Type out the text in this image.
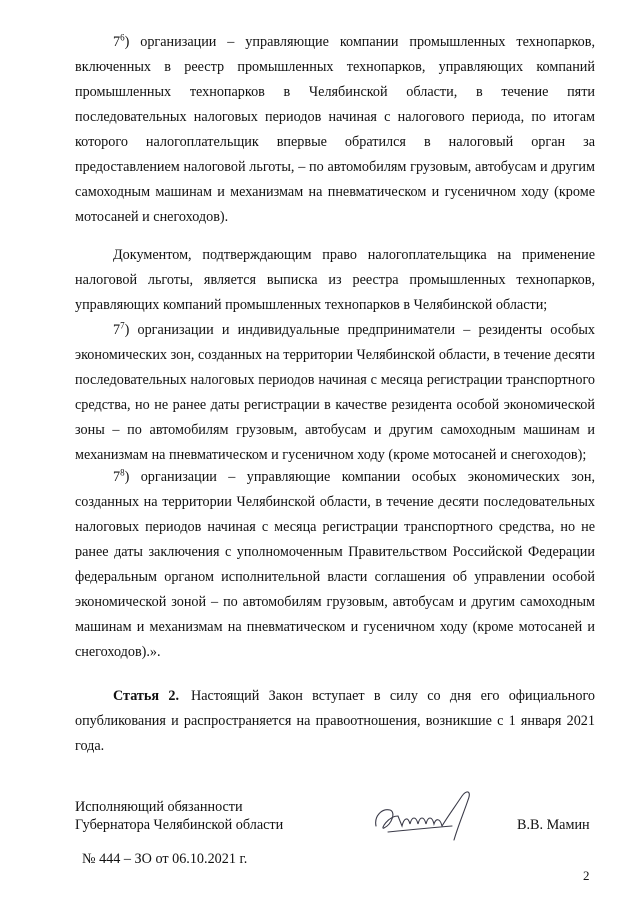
$7^6$) организации – управляющие компании промышленных технопарков, включенных в реестр промышленных технопарков, управляющих компаний промышленных технопарков в Челябинской области, в течение пяти последовательных налоговых периодов начиная с налогового периода, по итогам которого налогоплательщик впервые обратился в налоговый орган за предоставлением налоговой льготы, – по автомобилям грузовым, автобусам и другим самоходным машинам и механизмам на пневматическом и гусеничном ходу (кроме мотосаней и снегоходов).

Документом, подтверждающим право налогоплательщика на применение налоговой льготы, является выписка из реестра промышленных технопарков, управляющих компаний промышленных технопарков в Челябинской области;

$7^7$) организации и индивидуальные предприниматели – резиденты особых экономических зон, созданных на территории Челябинской области, в течение десяти последовательных налоговых периодов начиная с месяца регистрации транспортного средства, но не ранее даты регистрации в качестве резидента особой экономической зоны – по автомобилям грузовым, автобусам и другим самоходным машинам и механизмам на пневматическом и гусеничном ходу (кроме мотосаней и снегоходов);

$7^8$) организации – управляющие компании особых экономических зон, созданных на территории Челябинской области, в течение десяти последовательных налоговых периодов начиная с месяца регистрации транспортного средства, но не ранее даты заключения с уполномоченным Правительством Российской Федерации федеральным органом исполнительной власти соглашения об управлении особой экономической зоной – по автомобилям грузовым, автобусам и другим самоходным машинам и механизмам на пневматическом и гусеничном ходу (кроме мотосаней и снегоходов).».

Статья 2. Настоящий Закон вступает в силу со дня его официального опубликования и распространяется на правоотношения, возникшие с 1 января 2021 года.

Исполняющий обязанности
Губернатора Челябинской области	В.В. Мамин
№ 444 – ЗО от 06.10.2021 г.
2
